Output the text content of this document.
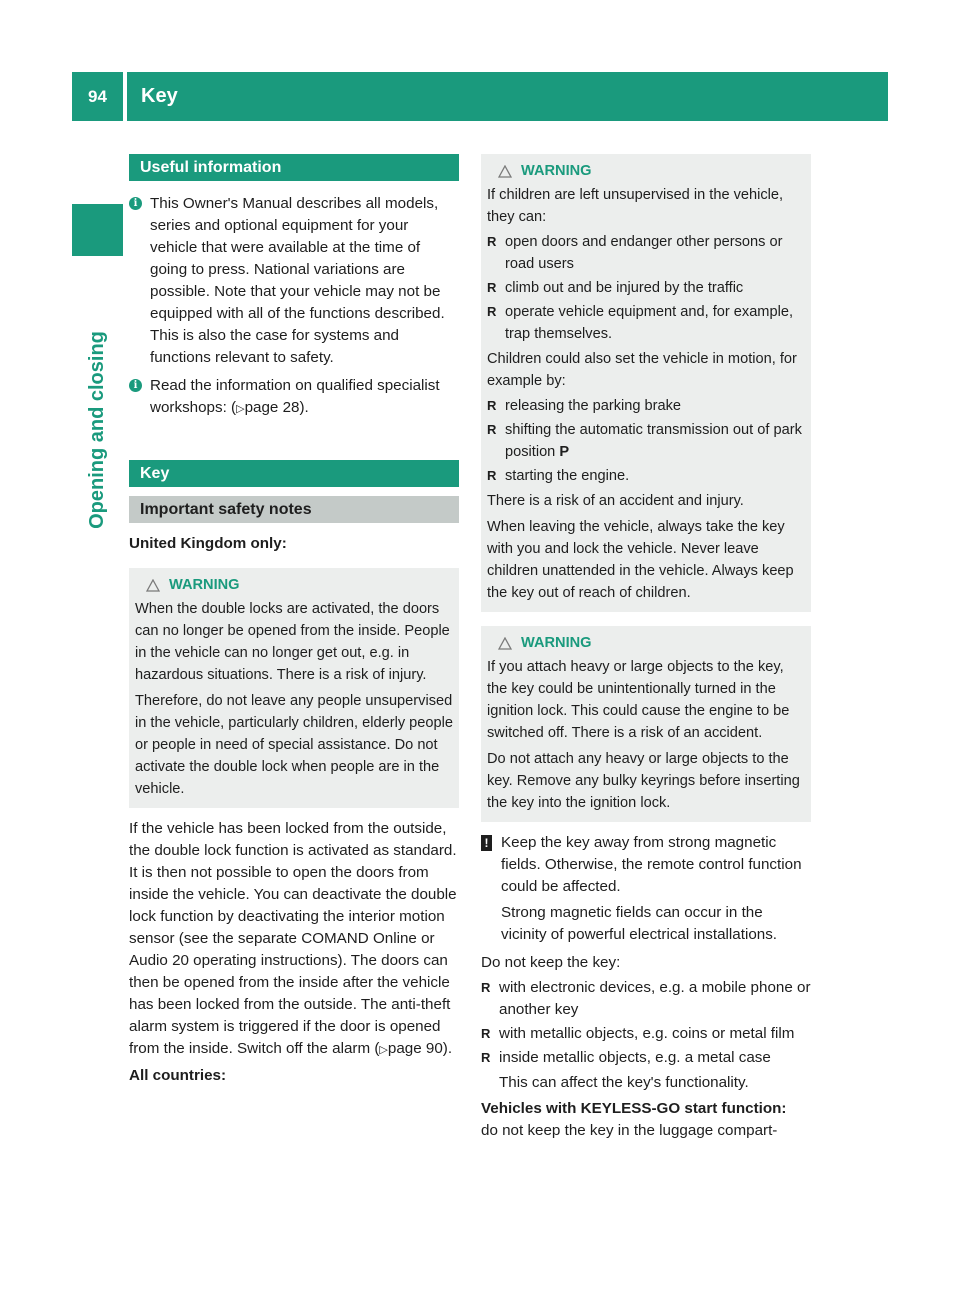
94	Key
Opening and closing
Useful information
i This Owner's Manual describes all models, series and optional equipment for your vehicle that were available at the time of going to press. National variations are possible. Note that your vehicle may not be equipped with all of the functions described. This is also the case for systems and functions relevant to safety.

i Read the information on qualified specialist workshops: (▷page 28).

Key
Important safety notes

United Kingdom only:

WARNING

When the double locks are activated, the doors can no longer be opened from the inside. People in the vehicle can no longer get out, e.g. in hazardous situations. There is a risk of injury.

Therefore, do not leave any people unsupervised in the vehicle, particularly children, elderly people or people in need of special assistance. Do not activate the double lock when people are in the vehicle.

If the vehicle has been locked from the outside, the double lock function is activated as standard. It is then not possible to open the doors from inside the vehicle. You can deactivate the double lock function by deactivating the interior motion sensor (see the separate COMAND Online or Audio 20 operating instructions). The doors can then be opened from the inside after the vehicle has been locked from the outside. The anti-theft alarm system is triggered if the door is opened from the inside. Switch off the alarm (▷page 90).

All countries:

WARNING

If children are left unsupervised in the vehicle, they can:

R open doors and endanger other persons or road users
R climb out and be injured by the traffic
R operate vehicle equipment and, for example, trap themselves.

Children could also set the vehicle in motion, for example by:

R releasing the parking brake
R shifting the automatic transmission out of park position P
R starting the engine.

There is a risk of an accident and injury.

When leaving the vehicle, always take the key with you and lock the vehicle. Never leave children unattended in the vehicle. Always keep the key out of reach of children.

WARNING

If you attach heavy or large objects to the key, the key could be unintentionally turned in the ignition lock. This could cause the engine to be switched off. There is a risk of an accident.

Do not attach any heavy or large objects to the key. Remove any bulky keyrings before inserting the key into the ignition lock.

! Keep the key away from strong magnetic fields. Otherwise, the remote control function could be affected.

Strong magnetic fields can occur in the vicinity of powerful electrical installations.

Do not keep the key:

R with electronic devices, e.g. a mobile phone or another key
R with metallic objects, e.g. coins or metal film
R inside metallic objects, e.g. a metal case

This can affect the key's functionality.

Vehicles with KEYLESS-GO start function:

do not keep the key in the luggage compart-
